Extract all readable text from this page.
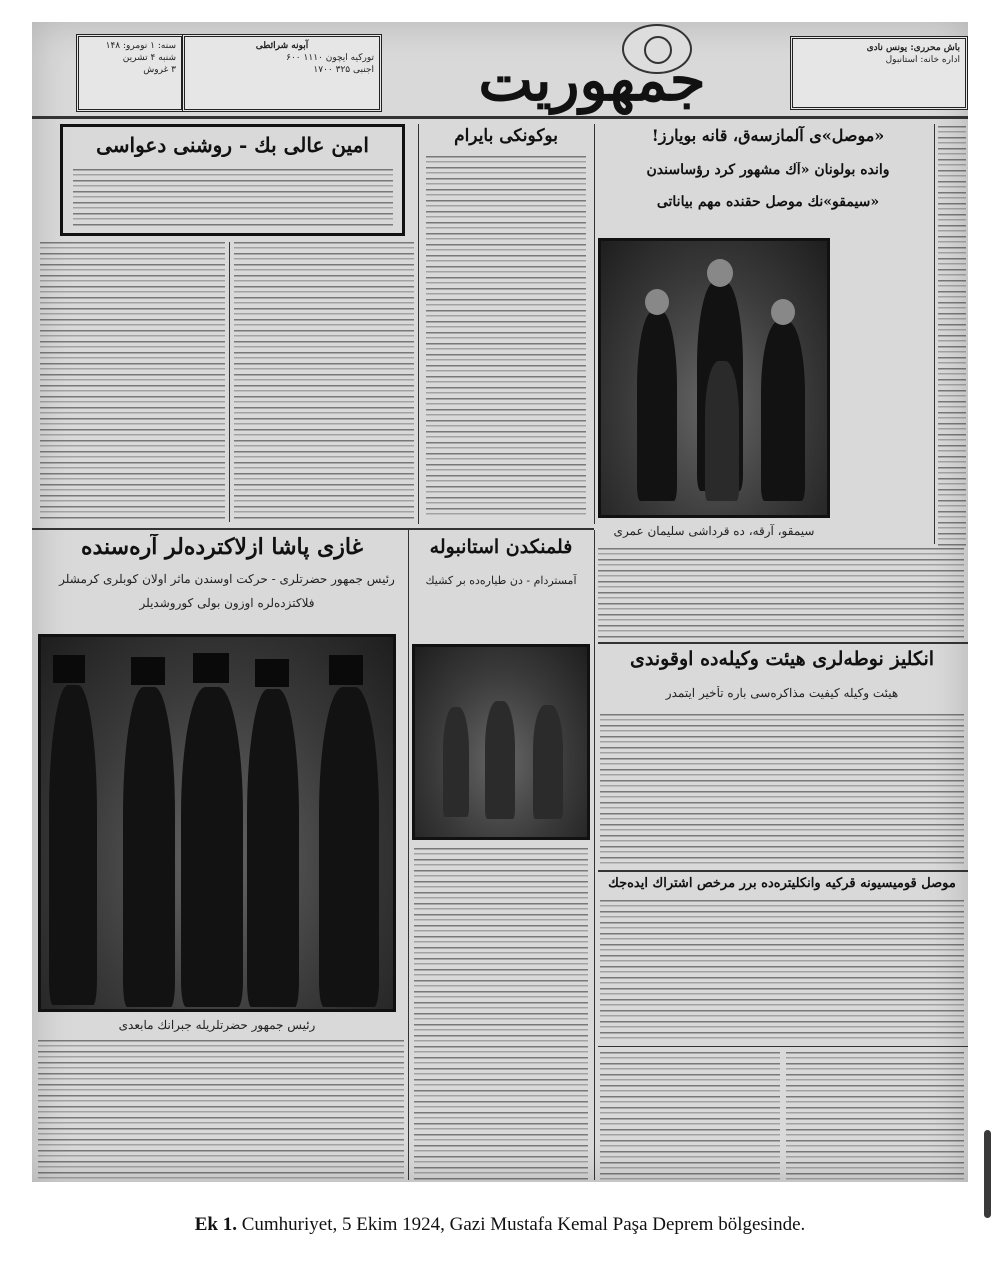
سنه: ۱ نومرو: ۱۴۸
شنبه ۴ تشرين
۳ غروش
آبونه شرائطی
تورکيه ايچون ۱۱۱۰ ۶۰۰
اجنبی ۳۲۵ ۱۷۰۰	جمهوريت	باش محرری: يونس نادی
اداره خانه: استانبول
امين عالی بك - روشنی دعواسی	بوکونکی بايرام	«موصل»ی آلمازسه‌ق، قانه بويارز!
وانده بولونان «آك مشهور کرد رؤساسندن
«سيمقو»نك موصل حقنده مهم بياناتی
سيمقو، آرقه، ده قرداشی سليمان عمری
غازی پاشا ازلاکترده‌لر آره‌سنده
رئيس جمهور حضرتلری - حرکت اوسندن ماثر اولان کوبلری کرمشلر
فلاکتزده‌لره اوزون بولی کوروشديلر
رئيس جمهور حضرتلريله جبرانك مابعدی
فلمنکدن استانبوله
آمستردام - دن طياره‌ده بر کشيك
انکليز نوطه‌لری هيئت وکيله‌ده اوقوندی
هيئت وکيله کيفيت مذاکره‌سی باره تأخير ايتمدر
موصل قوميسيونه قرکيه وانکليتره‌ده برر مرخص اشتراك ايده‌جك
Ek 1. Cumhuriyet, 5 Ekim 1924, Gazi Mustafa Kemal Paşa Deprem bölgesinde.
